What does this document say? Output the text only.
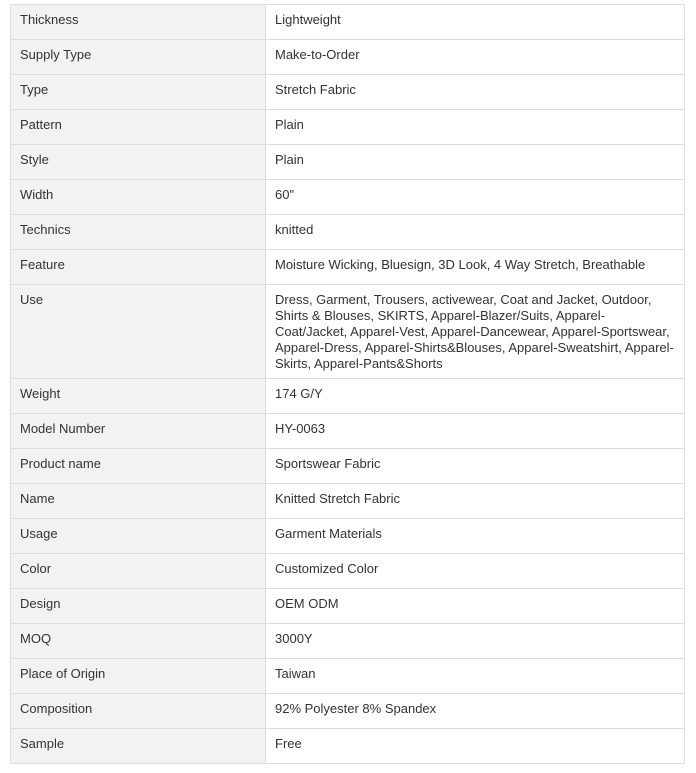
Thickness	Lightweight
Supply Type	Make-to-Order
Type	Stretch Fabric
Pattern	Plain
Style	Plain
Width	60"
Technics	knitted
Feature	Moisture Wicking, Bluesign, 3D Look, 4 Way Stretch, Breathable
Use	Dress, Garment, Trousers, activewear, Coat and Jacket, Outdoor, Shirts & Blouses, SKIRTS, Apparel-Blazer/Suits, Apparel-Coat/Jacket, Apparel-Vest, Apparel-Dancewear, Apparel-Sportswear, Apparel-Dress, Apparel-Shirts&Blouses, Apparel-Sweatshirt, Apparel-Skirts, Apparel-Pants&Shorts
Weight	174 G/Y
Model Number	HY-0063
Product name	Sportswear Fabric
Name	Knitted Stretch Fabric
Usage	Garment Materials
Color	Customized Color
Design	OEM ODM
MOQ	3000Y
Place of Origin	Taiwan
Composition	92% Polyester 8% Spandex
Sample	Free
